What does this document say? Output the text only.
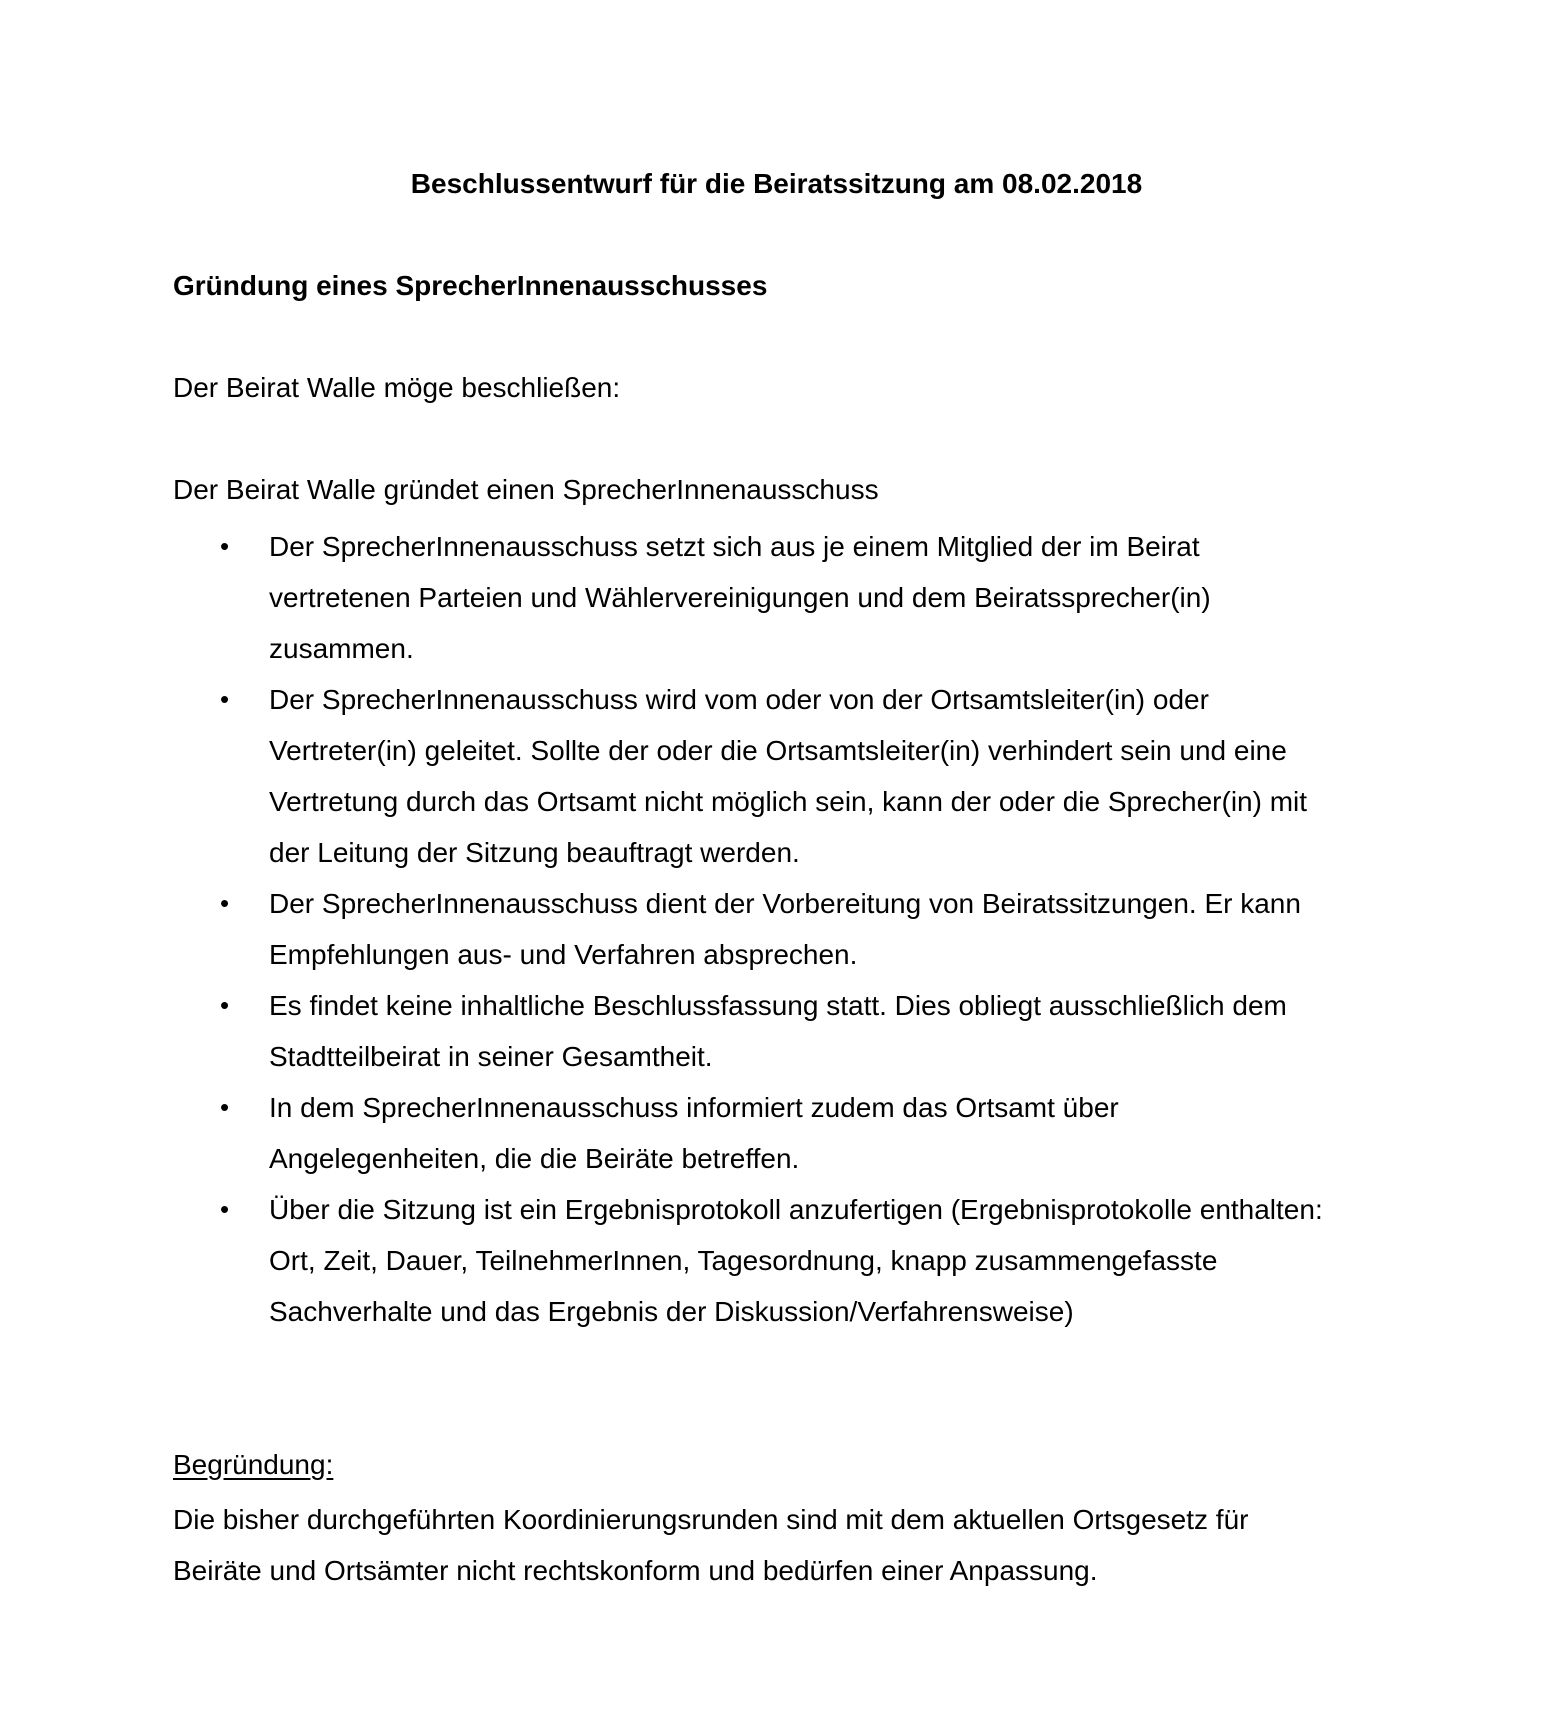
Beschlussentwurf für die Beiratssitzung am 08.02.2018
Gründung eines SprecherInnenausschusses
Der Beirat Walle möge beschließen:
Der Beirat Walle gründet einen SprecherInnenausschuss
• Der SprecherInnenausschuss setzt sich aus je einem Mitglied der im Beirat
vertretenen Parteien und Wählervereinigungen und dem Beiratssprecher(in)
zusammen.
• Der SprecherInnenausschuss wird vom oder von der Ortsamtsleiter(in) oder
Vertreter(in) geleitet. Sollte der oder die Ortsamtsleiter(in) verhindert sein und eine
Vertretung durch das Ortsamt nicht möglich sein, kann der oder die Sprecher(in) mit
der Leitung der Sitzung beauftragt werden.
• Der SprecherInnenausschuss dient der Vorbereitung von Beiratssitzungen. Er kann
Empfehlungen aus- und Verfahren absprechen.
• Es findet keine inhaltliche Beschlussfassung statt. Dies obliegt ausschließlich dem
Stadtteilbeirat in seiner Gesamtheit.
• In dem SprecherInnenausschuss informiert zudem das Ortsamt über
Angelegenheiten, die die Beiräte betreffen.
• Über die Sitzung ist ein Ergebnisprotokoll anzufertigen (Ergebnisprotokolle enthalten:
Ort, Zeit, Dauer, TeilnehmerInnen, Tagesordnung, knapp zusammengefasste
Sachverhalte und das Ergebnis der Diskussion/Verfahrensweise)
Begründung:
Die bisher durchgeführten Koordinierungsrunden sind mit dem aktuellen Ortsgesetz für
Beiräte und Ortsämter nicht rechtskonform und bedürfen einer Anpassung.
